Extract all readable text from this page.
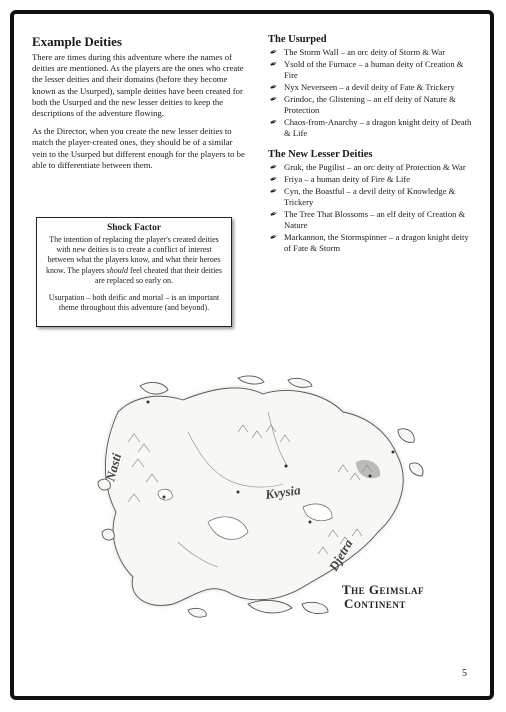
Example Deities

There are times during this adventure where the names of deities are mentioned. As the players are the ones who create the lesser deities and their domains (before they become known as the Usurped), sample deities have been created for both the Usurped and the new lesser deities to keep the descriptions of the adventure flowing.

As the Director, when you create the new lesser deities to match the player-created ones, they should be of a similar vein to the Usurped but different enough for the players to be able to differentiate between them.

Shock Factor

The intention of replacing the player's created deities with new deities is to create a conflict of interest between what the players know, and what their heroes know. The players should feel cheated that their deities are replaced so early on.

Usurpation – both deific and mortal – is an important theme throughout this adventure (and beyond).

The Usurped
✒ The Storm Wall – an orc deity of Storm & War
✒ Ysold of the Furnace – a human deity of Creation & Fire
✒ Nyx Neverseen – a devil deity of Fate & Trickery
✒ Grindoc, the Glistening – an elf deity of Nature & Protection
✒ Chaos-from-Anarchy – a dragon knight deity of Death & Life
The New Lesser Deities
✒ Gruk, the Pugilist – an orc deity of Protection & War
✒ Friya – a human deity of Fire & Life
✒ Cyn, the Boastful – a devil deity of Knowledge & Trickery
✒ The Tree That Blossoms – an elf deity of Creation & Nature
✒ Markannon, the Stormspinner – a dragon knight deity of Fate & Storm
Nasti
Kvysia
Djetra
The Geimslaf
Continent
5
